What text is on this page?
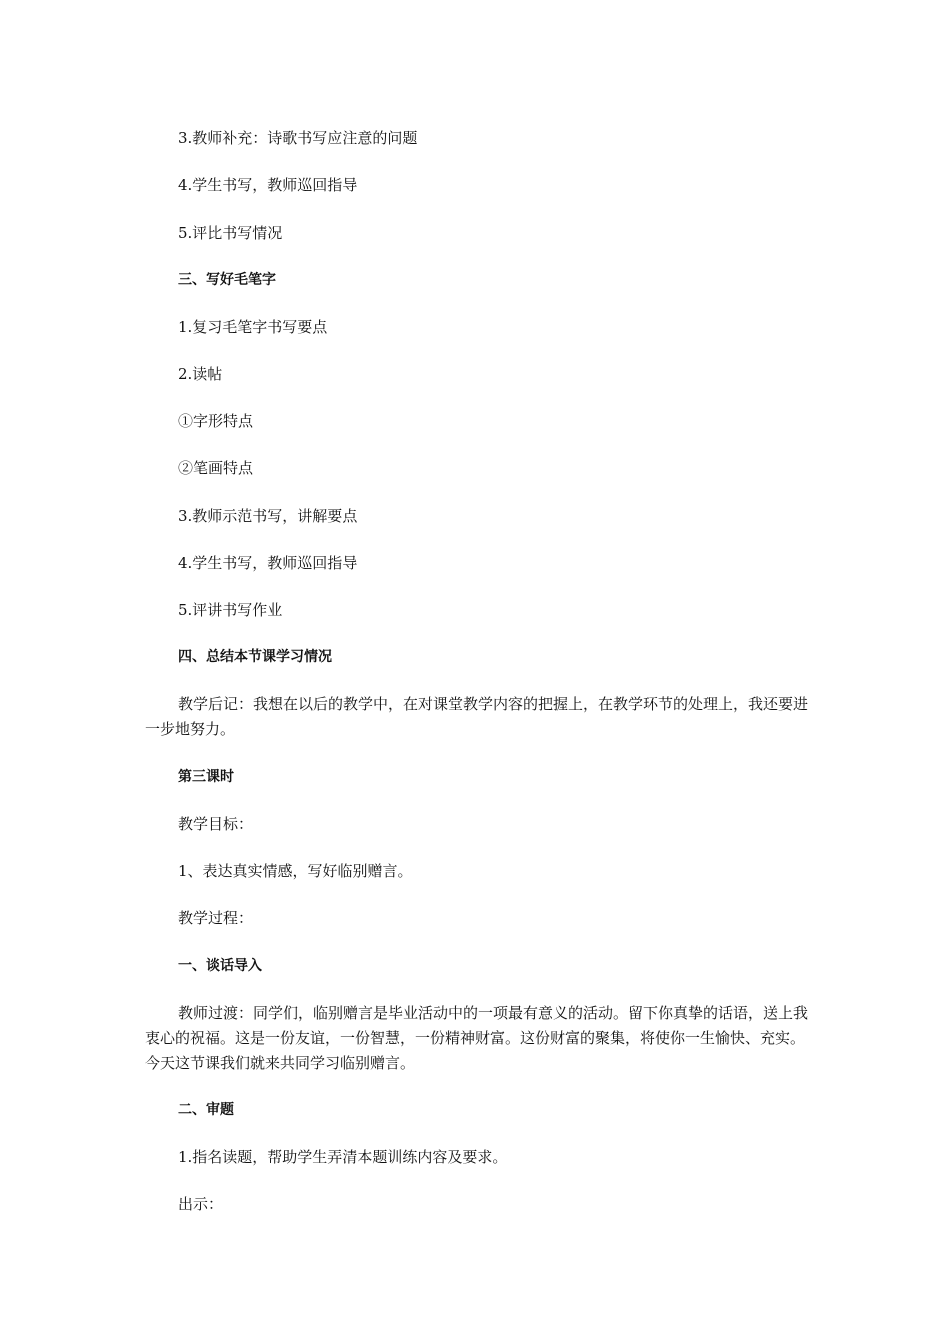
3.教师补充：诗歌书写应注意的问题
4.学生书写，教师巡回指导
5.评比书写情况
三、写好毛笔字
1.复习毛笔字书写要点
2.读帖
①字形特点
②笔画特点
3.教师示范书写，讲解要点
4.学生书写，教师巡回指导
5.评讲书写作业
四、总结本节课学习情况
教学后记：我想在以后的教学中，在对课堂教学内容的把握上，在教学环节的处理上，我还要进一步地努力。
第三课时
教学目标：
1、表达真实情感，写好临别赠言。
教学过程：
一、谈话导入
教师过渡：同学们，临别赠言是毕业活动中的一项最有意义的活动。留下你真挚的话语，送上我衷心的祝福。这是一份友谊，一份智慧，一份精神财富。这份财富的聚集，将使你一生愉快、充实。今天这节课我们就来共同学习临别赠言。
二、审题
1.指名读题，帮助学生弄清本题训练内容及要求。
出示：
